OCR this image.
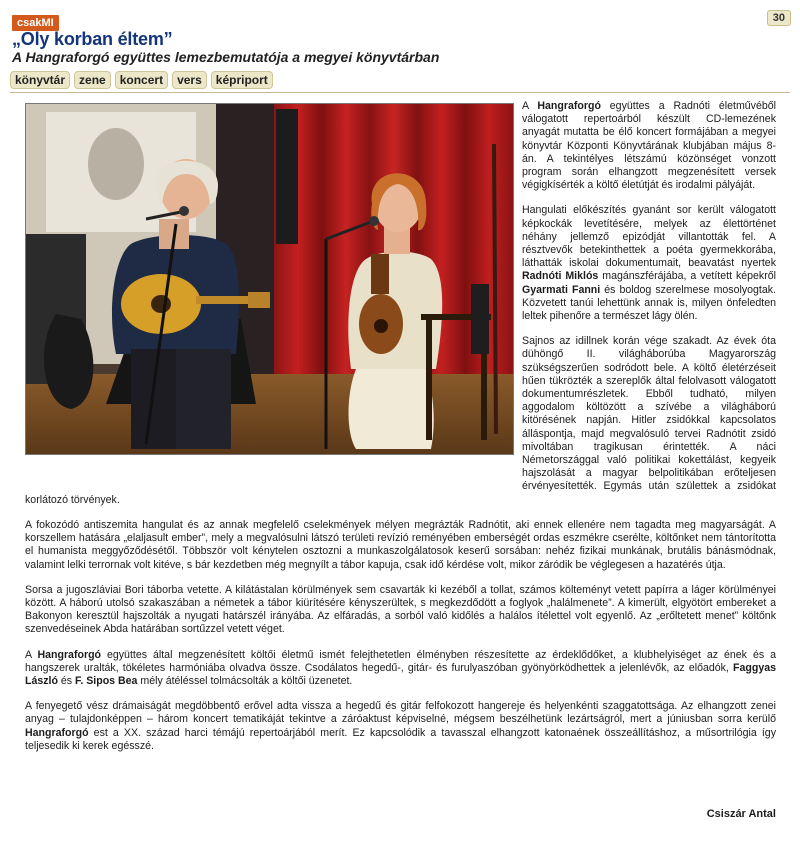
csakMI	30
„Oly korban éltem”
A Hangraforgó együttes lemezbemutatója a megyei könyvtárban
könyvtár	zene	koncert	vers	képriport

A Hangraforgó együttes a Radnóti életművéből válogatott repertoárból készült CD-lemezének anyagát mutatta be élő koncert formájában a megyei könyvtár Központi Könyvtárának klubjában május 8-án. A tekintélyes létszámú közönséget vonzott program során elhangzott megzenésített versek végigkísérték a költő életútját és irodalmi pályáját.

Hangulati előkészítés gyanánt sor került válogatott képkockák levetítésére, melyek az élettörténet néhány jellemző epizódját villantották fel. A résztvevők betekinthettek a poéta gyermekkorába, láthatták iskolai dokumentumait, beavatást nyertek Radnóti Miklós magánszférájába, a vetített képekről Gyarmati Fanni és boldog szerelmese mosolyogtak. Közvetett tanúi lehettünk annak is, milyen önfeledten leltek pihenőre a természet lágy ölén.

Sajnos az idillnek korán vége szakadt. Az évek óta dühöngő II. világháborúba Magyarország szükségszerűen sodródott bele. A költő életérzéseit hűen tükrözték a szereplők által felolvasott válogatott dokumentumrészletek. Ebből tudható, milyen aggodalom költözött a szívébe a világháború kitörésének napján. Hitler zsidókkal kapcsolatos álláspontja, majd megvalósuló tervei Radnótit zsidó mivoltában tragikusan érintették. A náci Németországgal való politikai kokettálást, kegyeik hajszolását a magyar belpolitikában erőteljesen érvényesítették. Egymás után születtek a zsidókat korlátozó törvények.

A fokozódó antiszemita hangulat és az annak megfelelő cselekmények mélyen megrázták Radnótit, aki ennek ellenére nem tagadta meg magyarságát. A korszellem hatására „elaljasult ember”, mely a megvalósulni látszó területi revízió reményében emberségét ordas eszmékre cserélte, költőnket nem tántorította el humanista meggyőződésétől. Többször volt kénytelen osztozni a munkaszolgálatosok keserű sorsában: nehéz fizikai munkának, brutális bánásmódnak, valamint lelki terrornak volt kitéve, s bár kezdetben még megnyílt a tábor kapuja, csak idő kérdése volt, mikor záródik be véglegesen a hazatérés útja.

Sorsa a jugoszláviai Bori táborba vetette. A kilátástalan körülmények sem csavarták ki kezéből a tollat, számos költeményt vetett papírra a láger körülményei között. A háború utolsó szakaszában a németek a tábor kiürítésére kényszerültek, s megkezdődött a foglyok „halálmenete”. A kimerült, elgyötört embereket a Bakonyon keresztül hajszolták a nyugati határszél irányába. Az elfáradás, a sorból való kidőlés a halálos ítélettel volt egyenlő. Az „erőltetett menet” költőnk szenvedéseinek Abda határában sortűzzel vetett véget.

A Hangraforgó együttes által megzenésített költői életmű ismét felejthetetlen élményben részesítette az érdeklődőket, a klubhelyiséget az ének és a hangszerek uralták, tökéletes harmóniába olvadva össze. Csodálatos hegedű-, gitár- és furulyaszóban gyönyörködhettek a jelenlévők, az előadók, Faggyas László és F. Sipos Bea mély átéléssel tolmácsolták a költői üzenetet.

A fenyegető vész drámaiságát megdöbbentő erővel adta vissza a hegedű és gitár felfokozott hangereje és helyenkénti szaggatottsága. Az elhangzott zenei anyag – tulajdonképpen – három koncert tematikáját tekintve a záróaktust képviselné, mégsem beszélhetünk lezártságról, mert a júniusban sorra kerülő Hangraforgó est a XX. század harci témájú repertoárjából merít. Ez kapcsolódik a tavasszal elhangzott katonaének összeállításhoz, a műsortrilógia így teljesedik ki kerek egésszé.

Csiszár Antal
